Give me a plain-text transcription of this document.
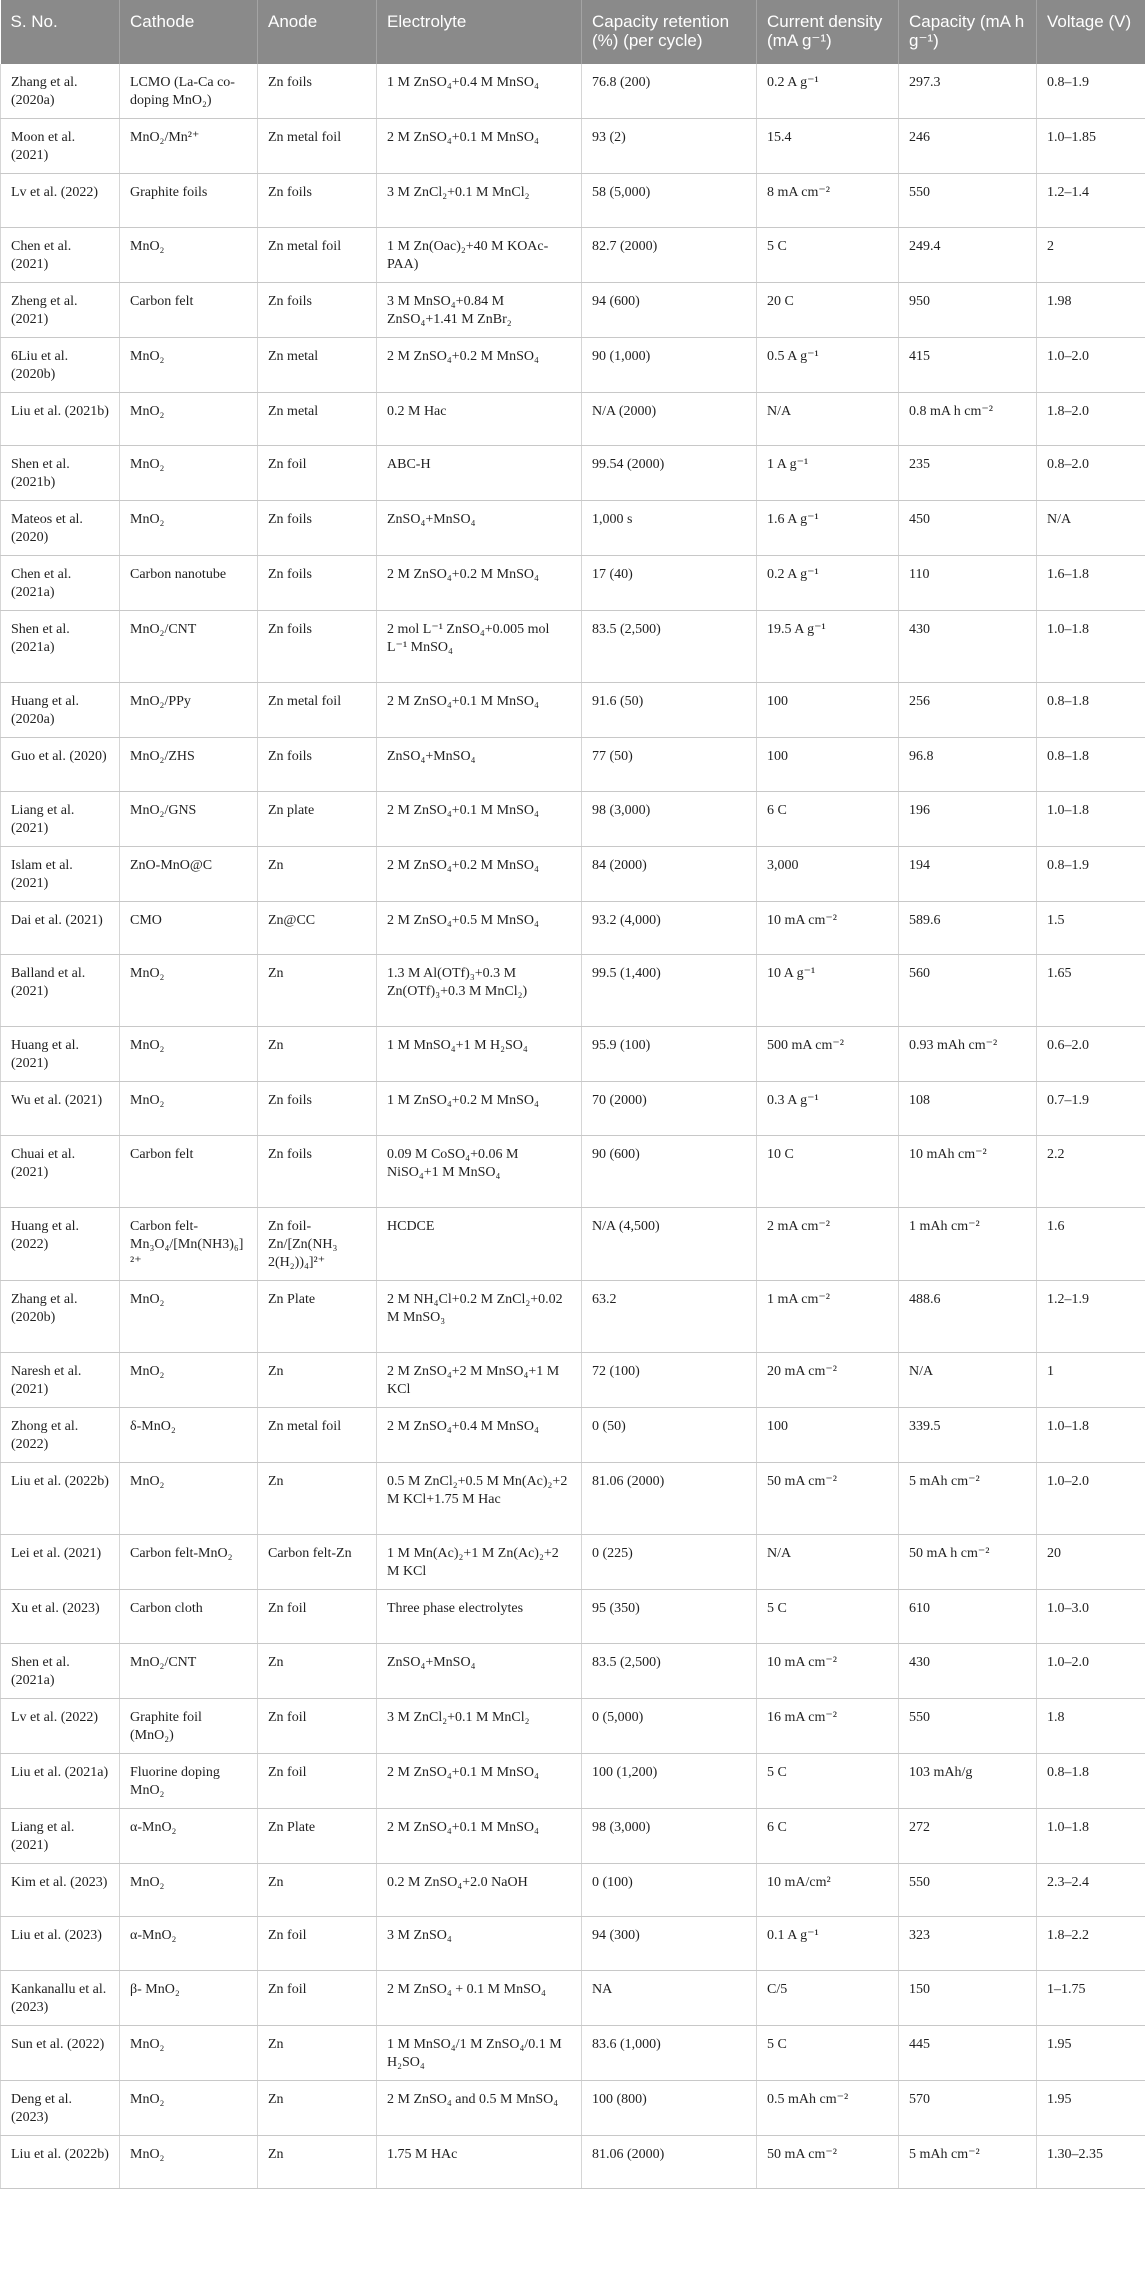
S. No.	Cathode	Anode	Electrolyte	Capacity retention (%) (per cycle)	Current density (mA g⁻¹)	Capacity (mA h g⁻¹)	Voltage (V)
Zhang et al. (2020a)	LCMO (La-Ca co-doping MnO₂)	Zn foils	1 M ZnSO₄+0.4 M MnSO₄	76.8 (200)	0.2 A g⁻¹	297.3	0.8–1.9
Moon et al. (2021)	MnO₂/Mn²⁺	Zn metal foil	2 M ZnSO₄+0.1 M MnSO₄	93 (2)	15.4	246	1.0–1.85
Lv et al. (2022)	Graphite foils	Zn foils	3 M ZnCl₂+0.1 M MnCl₂	58 (5,000)	8 mA cm⁻²	550	1.2–1.4
Chen et al. (2021)	MnO₂	Zn metal foil	1 M Zn(Oac)₂+40 M KOAc-PAA)	82.7 (2000)	5 C	249.4	2
Zheng et al. (2021)	Carbon felt	Zn foils	3 M MnSO₄+0.84 M ZnSO₄+1.41 M ZnBr₂	94 (600)	20 C	950	1.98
6Liu et al. (2020b)	MnO₂	Zn metal	2 M ZnSO₄+0.2 M MnSO₄	90 (1,000)	0.5 A g⁻¹	415	1.0–2.0
Liu et al. (2021b)	MnO₂	Zn metal	0.2 M Hac	N/A (2000)	N/A	0.8 mA h cm⁻²	1.8–2.0
Shen et al. (2021b)	MnO₂	Zn foil	ABC-H	99.54 (2000)	1 A g⁻¹	235	0.8–2.0
Mateos et al. (2020)	MnO₂	Zn foils	ZnSO₄+MnSO₄	1,000 s	1.6 A g⁻¹	450	N/A
Chen et al. (2021a)	Carbon nanotube	Zn foils	2 M ZnSO₄+0.2 M MnSO₄	17 (40)	0.2 A g⁻¹	110	1.6–1.8
Shen et al. (2021a)	MnO₂/CNT	Zn foils	2 mol L⁻¹ ZnSO₄+0.005 mol L⁻¹ MnSO₄	83.5 (2,500)	19.5 A g⁻¹	430	1.0–1.8
Huang et al. (2020a)	MnO₂/PPy	Zn metal foil	2 M ZnSO₄+0.1 M MnSO₄	91.6 (50)	100	256	0.8–1.8
Guo et al. (2020)	MnO₂/ZHS	Zn foils	ZnSO₄+MnSO₄	77 (50)	100	96.8	0.8–1.8
Liang et al. (2021)	MnO₂/GNS	Zn plate	2 M ZnSO₄+0.1 M MnSO₄	98 (3,000)	6 C	196	1.0–1.8
Islam et al. (2021)	ZnO-MnO@C	Zn	2 M ZnSO₄+0.2 M MnSO₄	84 (2000)	3,000	194	0.8–1.9
Dai et al. (2021)	CMO	Zn@CC	2 M ZnSO₄+0.5 M MnSO₄	93.2 (4,000)	10 mA cm⁻²	589.6	1.5
Balland et al. (2021)	MnO₂	Zn	1.3 M Al(OTf)₃+0.3 M Zn(OTf)₃+0.3 M MnCl₂)	99.5 (1,400)	10 A g⁻¹	560	1.65
Huang et al. (2021)	MnO₂	Zn	1 M MnSO₄+1 M H₂SO₄	95.9 (100)	500 mA cm⁻²	0.93 mAh cm⁻²	0.6–2.0
Wu et al. (2021)	MnO₂	Zn foils	1 M ZnSO₄+0.2 M MnSO₄	70 (2000)	0.3 A g⁻¹	108	0.7–1.9
Chuai et al. (2021)	Carbon felt	Zn foils	0.09 M CoSO₄+0.06 M NiSO₄+1 M MnSO₄	90 (600)	10 C	10 mAh cm⁻²	2.2
Huang et al. (2022)	Carbon felt-Mn₃O₄/[Mn(NH3)₆]²⁺	Zn foil-Zn/[Zn(NH₃ 2(H₂))₄]²⁺	HCDCE	N/A (4,500)	2 mA cm⁻²	1 mAh cm⁻²	1.6
Zhang et al. (2020b)	MnO₂	Zn Plate	2 M NH₄Cl+0.2 M ZnCl₂+0.02 M MnSO₃	63.2	1 mA cm⁻²	488.6	1.2–1.9
Naresh et al. (2021)	MnO₂	Zn	2 M ZnSO₄+2 M MnSO₄+1 M KCl	72 (100)	20 mA cm⁻²	N/A	1
Zhong et al. (2022)	δ-MnO₂	Zn metal foil	2 M ZnSO₄+0.4 M MnSO₄	0 (50)	100	339.5	1.0–1.8
Liu et al. (2022b)	MnO₂	Zn	0.5 M ZnCl₂+0.5 M Mn(Ac)₂+2 M KCl+1.75 M Hac	81.06 (2000)	50 mA cm⁻²	5 mAh cm⁻²	1.0–2.0
Lei et al. (2021)	Carbon felt-MnO₂	Carbon felt-Zn	1 M Mn(Ac)₂+1 M Zn(Ac)₂+2 M KCl	0 (225)	N/A	50 mA h cm⁻²	20
Xu et al. (2023)	Carbon cloth	Zn foil	Three phase electrolytes	95 (350)	5 C	610	1.0–3.0
Shen et al. (2021a)	MnO₂/CNT	Zn	ZnSO₄+MnSO₄	83.5 (2,500)	10 mA cm⁻²	430	1.0–2.0
Lv et al. (2022)	Graphite foil (MnO₂)	Zn foil	3 M ZnCl₂+0.1 M MnCl₂	0 (5,000)	16 mA cm⁻²	550	1.8
Liu et al. (2021a)	Fluorine doping MnO₂	Zn foil	2 M ZnSO₄+0.1 M MnSO₄	100 (1,200)	5 C	103 mAh/g	0.8–1.8
Liang et al. (2021)	α-MnO₂	Zn Plate	2 M ZnSO₄+0.1 M MnSO₄	98 (3,000)	6 C	272	1.0–1.8
Kim et al. (2023)	MnO₂	Zn	0.2 M ZnSO₄+2.0 NaOH	0 (100)	10 mA/cm²	550	2.3–2.4
Liu et al. (2023)	α-MnO₂	Zn foil	3 M ZnSO₄	94 (300)	0.1 A g⁻¹	323	1.8–2.2
Kankanallu et al. (2023)	β- MnO₂	Zn foil	2 M ZnSO₄ + 0.1 M MnSO₄	NA	C/5	150	1–1.75
Sun et al. (2022)	MnO₂	Zn	1 M MnSO₄/1 M ZnSO₄/0.1 M H₂SO₄	83.6 (1,000)	5 C	445	1.95
Deng et al. (2023)	MnO₂	Zn	2 M ZnSO₄ and 0.5 M MnSO₄	100 (800)	0.5 mAh cm⁻²	570	1.95
Liu et al. (2022b)	MnO₂	Zn	1.75 M HAc	81.06 (2000)	50 mA cm⁻²	5 mAh cm⁻²	1.30–2.35
